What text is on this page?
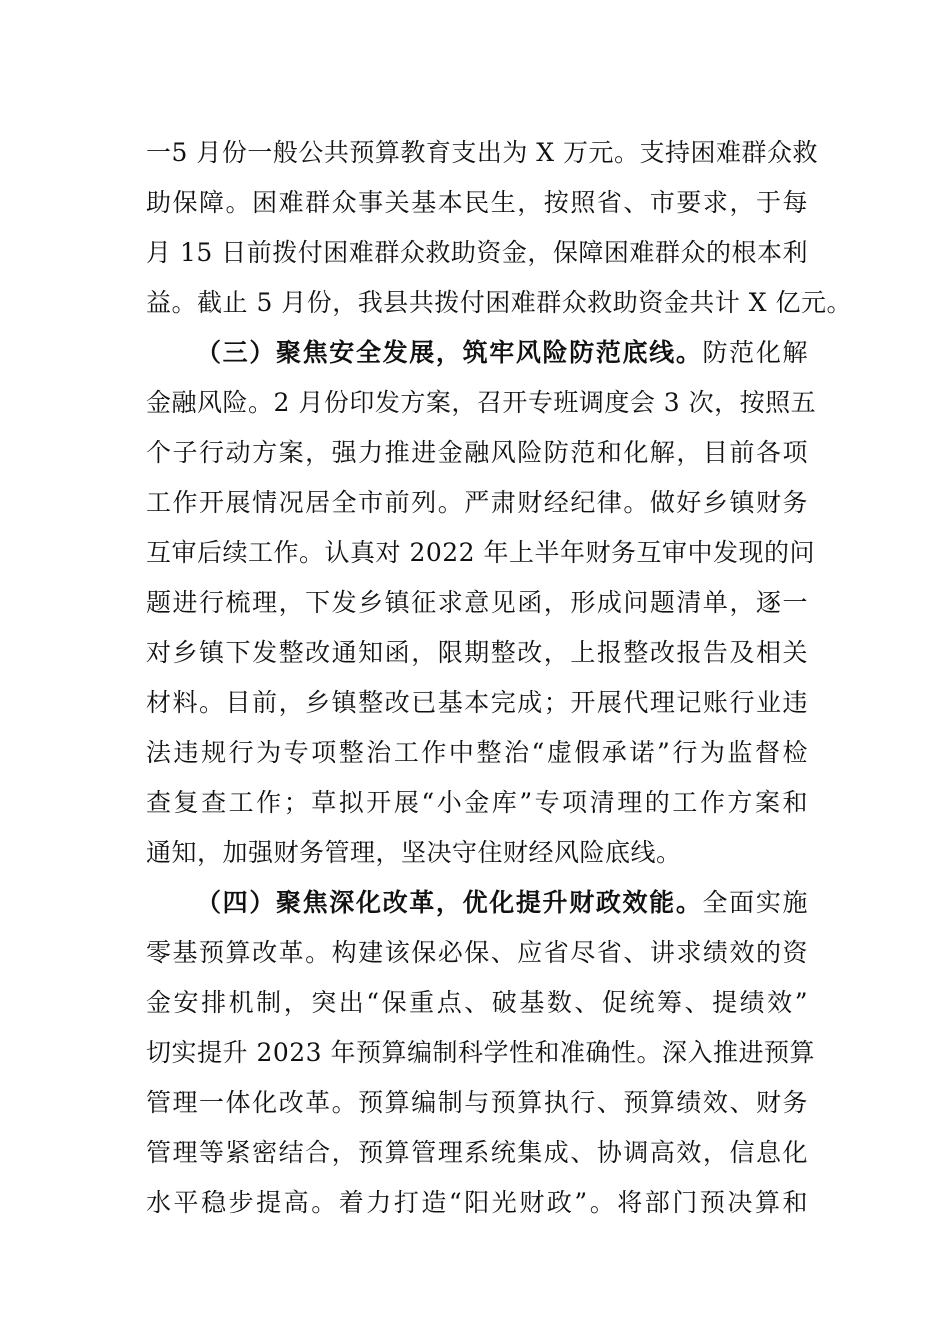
一5 月份一般公共预算教育支出为 X 万元。支持困难群众救
助保障。困难群众事关基本民生，按照省、市要求，于每
月 15 日前拨付困难群众救助资金，保障困难群众的根本利
益。截止 5 月份，我县共拨付困难群众救助资金共计 X 亿元。
（三）聚焦安全发展，筑牢风险防范底线。防范化解
金融风险。2 月份印发方案，召开专班调度会 3 次，按照五
个子行动方案，强力推进金融风险防范和化解，目前各项
工作开展情况居全市前列。严肃财经纪律。做好乡镇财务
互审后续工作。认真对 2022 年上半年财务互审中发现的问
题进行梳理，下发乡镇征求意见函，形成问题清单，逐一
对乡镇下发整改通知函，限期整改，上报整改报告及相关
材料。目前，乡镇整改已基本完成；开展代理记账行业违
法违规行为专项整治工作中整治“虚假承诺”行为监督检
查复查工作；草拟开展“小金库”专项清理的工作方案和
通知，加强财务管理，坚决守住财经风险底线。
（四）聚焦深化改革，优化提升财政效能。全面实施
零基预算改革。构建该保必保、应省尽省、讲求绩效的资
金安排机制，突出“保重点、破基数、促统筹、提绩效”
切实提升 2023 年预算编制科学性和准确性。深入推进预算
管理一体化改革。预算编制与预算执行、预算绩效、财务
管理等紧密结合，预算管理系统集成、协调高效，信息化
水平稳步提高。着力打造“阳光财政”。将部门预决算和
